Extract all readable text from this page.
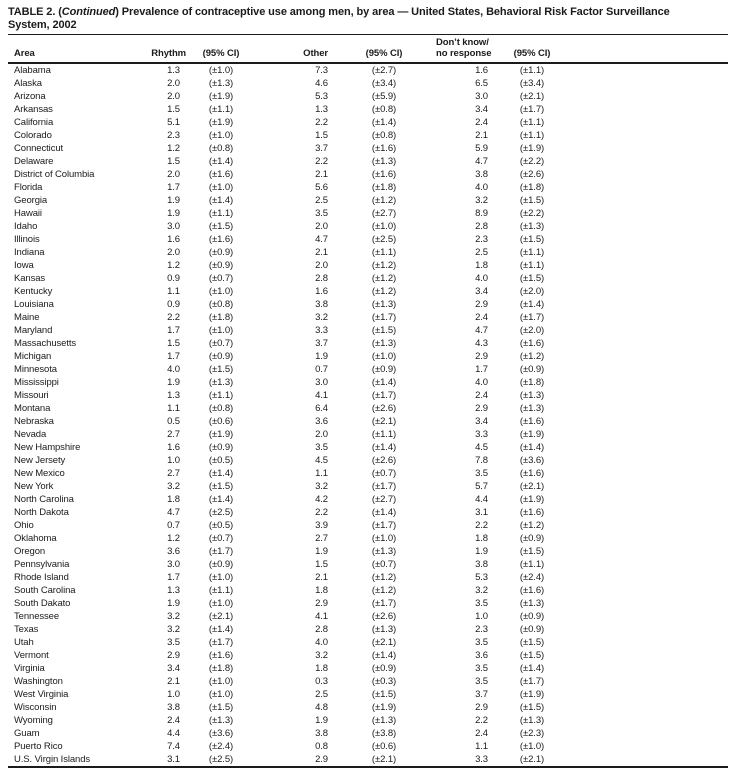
TABLE 2. (Continued) Prevalence of contraceptive use among men, by area — United States, Behavioral Risk Factor Surveillance
System, 2002
Area	Rhythm	(95% CI)	Other	(95% CI)	Don’t know/
no response	(95% CI)	
Alabama	1.3	(±1.0)	7.3	(±2.7)	1.6	(±1.1)	
Alaska	2.0	(±1.3)	4.6	(±3.4)	6.5	(±3.4)	
Arizona	2.0	(±1.9)	5.3	(±5.9)	3.0	(±2.1)	
Arkansas	1.5	(±1.1)	1.3	(±0.8)	3.4	(±1.7)	
California	5.1	(±1.9)	2.2	(±1.4)	2.4	(±1.1)	
Colorado	2.3	(±1.0)	1.5	(±0.8)	2.1	(±1.1)	
Connecticut	1.2	(±0.8)	3.7	(±1.6)	5.9	(±1.9)	
Delaware	1.5	(±1.4)	2.2	(±1.3)	4.7	(±2.2)	
District of Columbia	2.0	(±1.6)	2.1	(±1.6)	3.8	(±2.6)	
Florida	1.7	(±1.0)	5.6	(±1.8)	4.0	(±1.8)	
Georgia	1.9	(±1.4)	2.5	(±1.2)	3.2	(±1.5)	
Hawaii	1.9	(±1.1)	3.5	(±2.7)	8.9	(±2.2)	
Idaho	3.0	(±1.5)	2.0	(±1.0)	2.8	(±1.3)	
Illinois	1.6	(±1.6)	4.7	(±2.5)	2.3	(±1.5)	
Indiana	2.0	(±0.9)	2.1	(±1.1)	2.5	(±1.1)	
Iowa	1.2	(±0.9)	2.0	(±1.2)	1.8	(±1.1)	
Kansas	0.9	(±0.7)	2.8	(±1.2)	4.0	(±1.5)	
Kentucky	1.1	(±1.0)	1.6	(±1.2)	3.4	(±2.0)	
Louisiana	0.9	(±0.8)	3.8	(±1.3)	2.9	(±1.4)	
Maine	2.2	(±1.8)	3.2	(±1.7)	2.4	(±1.7)	
Maryland	1.7	(±1.0)	3.3	(±1.5)	4.7	(±2.0)	
Massachusetts	1.5	(±0.7)	3.7	(±1.3)	4.3	(±1.6)	
Michigan	1.7	(±0.9)	1.9	(±1.0)	2.9	(±1.2)	
Minnesota	4.0	(±1.5)	0.7	(±0.9)	1.7	(±0.9)	
Mississippi	1.9	(±1.3)	3.0	(±1.4)	4.0	(±1.8)	
Missouri	1.3	(±1.1)	4.1	(±1.7)	2.4	(±1.3)	
Montana	1.1	(±0.8)	6.4	(±2.6)	2.9	(±1.3)	
Nebraska	0.5	(±0.6)	3.6	(±2.1)	3.4	(±1.6)	
Nevada	2.7	(±1.9)	2.0	(±1.1)	3.3	(±1.9)	
New Hampshire	1.6	(±0.9)	3.5	(±1.4)	4.5	(±1.4)	
New Jersety	1.0	(±0.5)	4.5	(±2.6)	7.8	(±3.6)	
New Mexico	2.7	(±1.4)	1.1	(±0.7)	3.5	(±1.6)	
New York	3.2	(±1.5)	3.2	(±1.7)	5.7	(±2.1)	
North Carolina	1.8	(±1.4)	4.2	(±2.7)	4.4	(±1.9)	
North Dakota	4.7	(±2.5)	2.2	(±1.4)	3.1	(±1.6)	
Ohio	0.7	(±0.5)	3.9	(±1.7)	2.2	(±1.2)	
Oklahoma	1.2	(±0.7)	2.7	(±1.0)	1.8	(±0.9)	
Oregon	3.6	(±1.7)	1.9	(±1.3)	1.9	(±1.5)	
Pennsylvania	3.0	(±0.9)	1.5	(±0.7)	3.8	(±1.1)	
Rhode Island	1.7	(±1.0)	2.1	(±1.2)	5.3	(±2.4)	
South Carolina	1.3	(±1.1)	1.8	(±1.2)	3.2	(±1.6)	
South Dakato	1.9	(±1.0)	2.9	(±1.7)	3.5	(±1.3)	
Tennessee	3.2	(±2.1)	4.1	(±2.6)	1.0	(±0.9)	
Texas	3.2	(±1.4)	2.8	(±1.3)	2.3	(±0.9)	
Utah	3.5	(±1.7)	4.0	(±2.1)	3.5	(±1.5)	
Vermont	2.9	(±1.6)	3.2	(±1.4)	3.6	(±1.5)	
Virginia	3.4	(±1.8)	1.8	(±0.9)	3.5	(±1.4)	
Washington	2.1	(±1.0)	0.3	(±0.3)	3.5	(±1.7)	
West Virginia	1.0	(±1.0)	2.5	(±1.5)	3.7	(±1.9)	
Wisconsin	3.8	(±1.5)	4.8	(±1.9)	2.9	(±1.5)	
Wyoming	2.4	(±1.3)	1.9	(±1.3)	2.2	(±1.3)	
Guam	4.4	(±3.6)	3.8	(±3.8)	2.4	(±2.3)	
Puerto Rico	7.4	(±2.4)	0.8	(±0.6)	1.1	(±1.0)	
U.S. Virgin Islands	3.1	(±2.5)	2.9	(±2.1)	3.3	(±2.1)	
